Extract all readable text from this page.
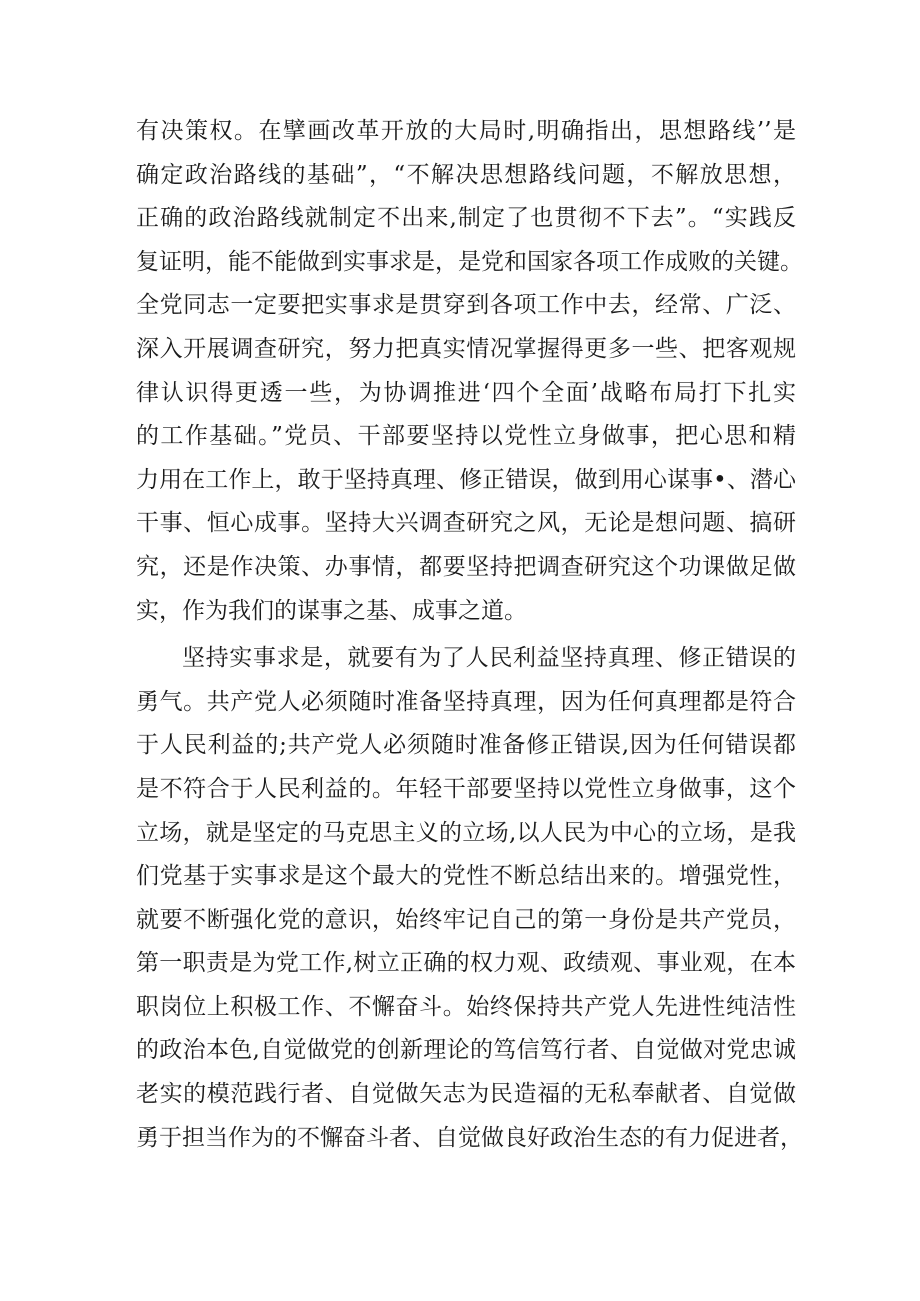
有决策权。在擘画改革开放的大局时,明确指出，思想路线’’是
确定政治路线的基础”，“不解决思想路线问题，不解放思想，
正确的政治路线就制定不出来,制定了也贯彻不下去”。“实践反
复证明，能不能做到实事求是，是党和国家各项工作成败的关键。
全党同志一定要把实事求是贯穿到各项工作中去，经常、广泛、
深入开展调查研究，努力把真实情况掌握得更多一些、把客观规
律认识得更透一些，为协调推进‘四个全面’战略布局打下扎实
的工作基础。”党员、干部要坚持以党性立身做事，把心思和精
力用在工作上，敢于坚持真理、修正错误，做到用心谋事•、潜心
干事、恒心成事。坚持大兴调查研究之风，无论是想问题、搞研
究，还是作决策、办事情，都要坚持把调查研究这个功课做足做
实，作为我们的谋事之基、成事之道。
坚持实事求是，就要有为了人民利益坚持真理、修正错误的
勇气。共产党人必须随时准备坚持真理，因为任何真理都是符合
于人民利益的;共产党人必须随时准备修正错误,因为任何错误都
是不符合于人民利益的。年轻干部要坚持以党性立身做事，这个
立场，就是坚定的马克思主义的立场,以人民为中心的立场，是我
们党基于实事求是这个最大的党性不断总结出来的。增强党性，
就要不断强化党的意识，始终牢记自己的第一身份是共产党员，
第一职责是为党工作,树立正确的权力观、政绩观、事业观，在本
职岗位上积极工作、不懈奋斗。始终保持共产党人先进性纯洁性
的政治本色,自觉做党的创新理论的笃信笃行者、自觉做对党忠诚
老实的模范践行者、自觉做矢志为民造福的无私奉献者、自觉做
勇于担当作为的不懈奋斗者、自觉做良好政治生态的有力促进者，
